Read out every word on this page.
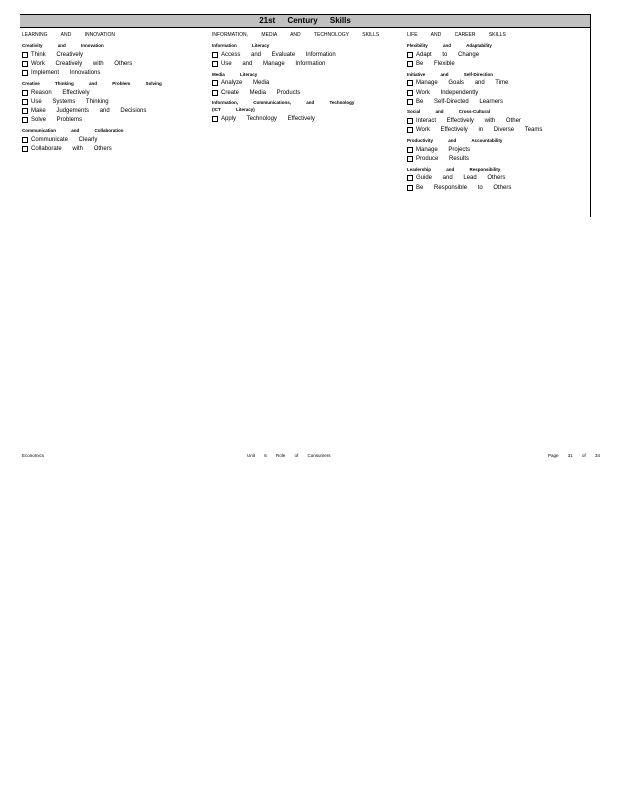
21st Century Skills
LEARNING AND INNOVATION
Creativity and Innovation
Think Creatively
Work Creatively with Others
Implement Innovations
Creative Thinking and Problem Solving
Reason Effectively
Use Systems Thinking
Make Judgements and Decisions
Solve Problems
Communication and Collaboration
Communicate Clearly
Collaborate with Others
INFORMATION, MEDIA AND TECHNOLOGY SKILLS
Information Literacy
Access and Evaluate Information
Use and Manage Information
Media Literacy
Analyze Media
Create Media Products
Information, Communications, and Technology
(ICT Literacy)
Apply Technology Effectively
LIFE AND CAREER SKILLS
Flexibility and Adaptability
Adapt to Change
Be Flexible
Initiative and Self-Direction
Manage Goals and Time
Work Independently
Be Self-Directed Learners
Social and Cross-Cultural
Interact Effectively with Other
Work Effectively in Diverse Teams
Productivity and Accountability
Manage Projects
Produce Results
Leadership and Responsibility
Guide and Lead Others
Be Responsible to Others
Economics	Unit 6 Role of Consumers	Page 31 of 34
